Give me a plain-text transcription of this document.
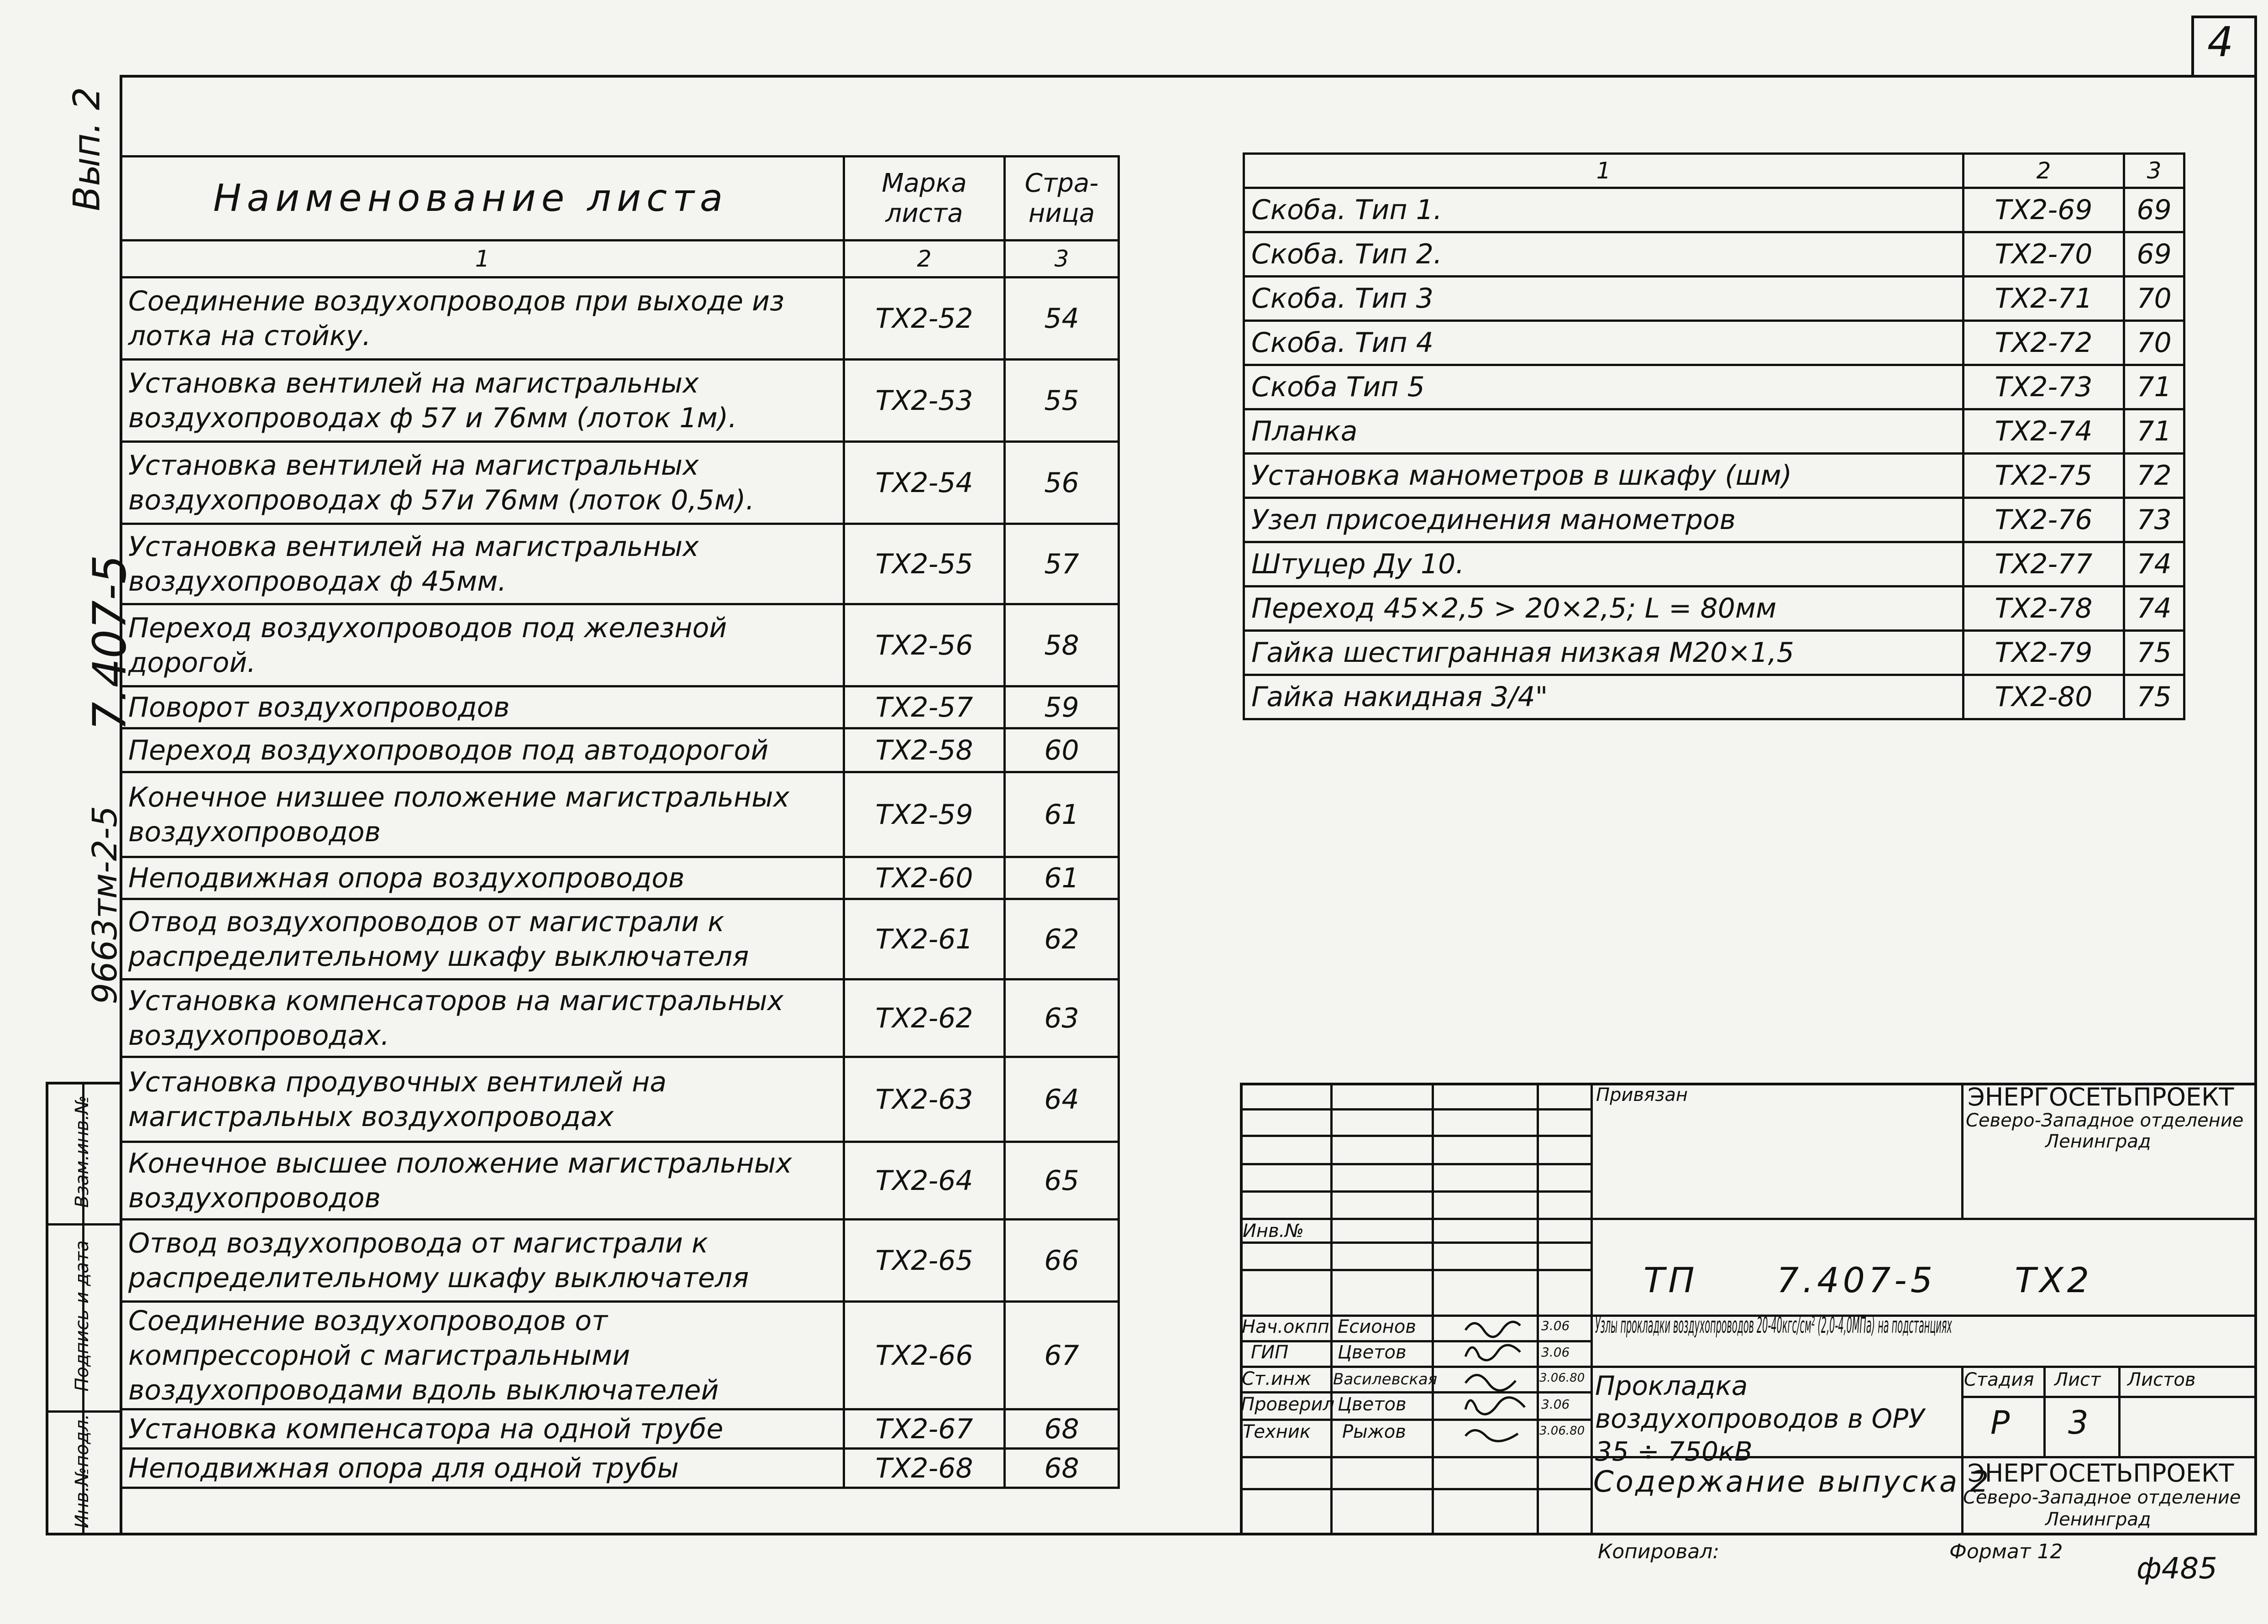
4
Вып. 2
7.407-5
9663тм-2-5
Взам.инв.№
Подпись и дата
Инв.№подл.
Наименование листа	Марка листа	Стра-ница
1	2	3
Соединение воздухопроводов при выходе из лотка на стойку.	ТХ2-52	54
Установка вентилей на магистральных воздухопроводах ф 57 и 76мм (лоток 1м).	ТХ2-53	55
Установка вентилей на магистральных воздухопроводах ф 57и 76мм (лоток 0,5м).	ТХ2-54	56
Установка вентилей на магистральных воздухопроводах ф 45мм.	ТХ2-55	57
Переход воздухопроводов под железной дорогой.	ТХ2-56	58
Поворот воздухопроводов	ТХ2-57	59
Переход воздухопроводов под автодорогой	ТХ2-58	60
Конечное низшее положение магистральных воздухопроводов	ТХ2-59	61
Неподвижная опора воздухопроводов	ТХ2-60	61
Отвод воздухопроводов от магистрали к распределительному шкафу выключателя	ТХ2-61	62
Установка компенсаторов на магистральных воздухопроводах.	ТХ2-62	63
Установка продувочных вентилей на магистральных воздухопроводах	ТХ2-63	64
Конечное высшее положение магистральных воздухопроводов	ТХ2-64	65
Отвод воздухопровода от магистрали к распределительному шкафу выключателя	ТХ2-65	66
Соединение воздухопроводов от компрессорной с магистральными воздухопроводами вдоль выключателей	ТХ2-66	67
Установка компенсатора на одной трубе	ТХ2-67	68
Неподвижная опора для одной трубы	ТХ2-68	68
1	2	3
Скоба. Тип 1.	ТХ2-69	69
Скоба. Тип 2.	ТХ2-70	69
Скоба. Тип 3	ТХ2-71	70
Скоба. Тип 4	ТХ2-72	70
Скоба Тип 5	ТХ2-73	71
Планка	ТХ2-74	71
Установка манометров в шкафу (шм)	ТХ2-75	72
Узел присоединения манометров	ТХ2-76	73
Штуцер Ду 10.	ТХ2-77	74
Переход 45×2,5 > 20×2,5; L = 80мм	ТХ2-78	74
Гайка шестигранная низкая М20×1,5	ТХ2-79	75
Гайка накидная 3/4"	ТХ2-80	75
Привязан	ЭНЕРГОСЕТЬПРОЕКТ
Северо-Западное отделение
Ленинград
Инв.№
ТП 7.407-5 ТХ2
Нач.окпп Есионов	3.06
ГИП	Цветов	3.06
Ст.инж Василевская	3.06.80
Проверил Цветов	3.06
Техник Рыжов	3.06.80
Узлы прокладки воздухопроводов 20-40кгс/см² (2,0-4,0МПа) на подстанциях
Прокладка воздухопроводов в ОРУ 35 ÷ 750кВ
Стадия Лист Листов
Р 3
Содержание выпуска 2
ЭНЕРГОСЕТЬПРОЕКТ
Северо-Западное отделение
Ленинград
Копировал:	Формат 12
ф485
